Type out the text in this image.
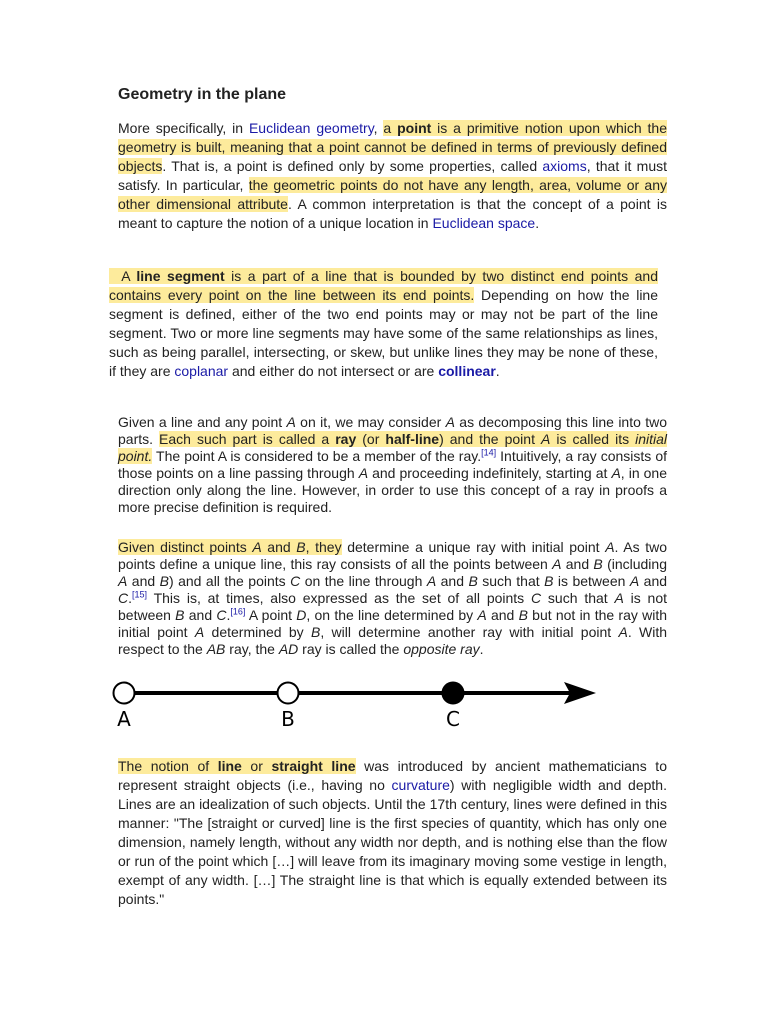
Geometry in the plane
More specifically, in Euclidean geometry, a point is a primitive notion upon which the geometry is built, meaning that a point cannot be defined in terms of previously defined objects. That is, a point is defined only by some properties, called axioms, that it must satisfy. In particular, the geometric points do not have any length, area, volume or any other dimensional attribute. A common interpretation is that the concept of a point is meant to capture the notion of a unique location in Euclidean space.
A line segment is a part of a line that is bounded by two distinct end points and contains every point on the line between its end points. Depending on how the line segment is defined, either of the two end points may or may not be part of the line segment. Two or more line segments may have some of the same relationships as lines, such as being parallel, intersecting, or skew, but unlike lines they may be none of these, if they are coplanar and either do not intersect or are collinear.
Given a line and any point A on it, we may consider A as decomposing this line into two parts. Each such part is called a ray (or half-line) and the point A is called its initial point. The point A is considered to be a member of the ray.[14] Intuitively, a ray consists of those points on a line passing through A and proceeding indefinitely, starting at A, in one direction only along the line. However, in order to use this concept of a ray in proofs a more precise definition is required.
Given distinct points A and B, they determine a unique ray with initial point A. As two points define a unique line, this ray consists of all the points between A and B (including A and B) and all the points C on the line through A and B such that B is between A and C.[15] This is, at times, also expressed as the set of all points C such that A is not between B and C.[16] A point D, on the line determined by A and B but not in the ray with initial point A determined by B, will determine another ray with initial point A. With respect to the AB ray, the AD ray is called the opposite ray.
A	B	C
The notion of line or straight line was introduced by ancient mathematicians to represent straight objects (i.e., having no curvature) with negligible width and depth. Lines are an idealization of such objects. Until the 17th century, lines were defined in this manner: "The [straight or curved] line is the first species of quantity, which has only one dimension, namely length, without any width nor depth, and is nothing else than the flow or run of the point which […] will leave from its imaginary moving some vestige in length, exempt of any width. […] The straight line is that which is equally extended between its points."
